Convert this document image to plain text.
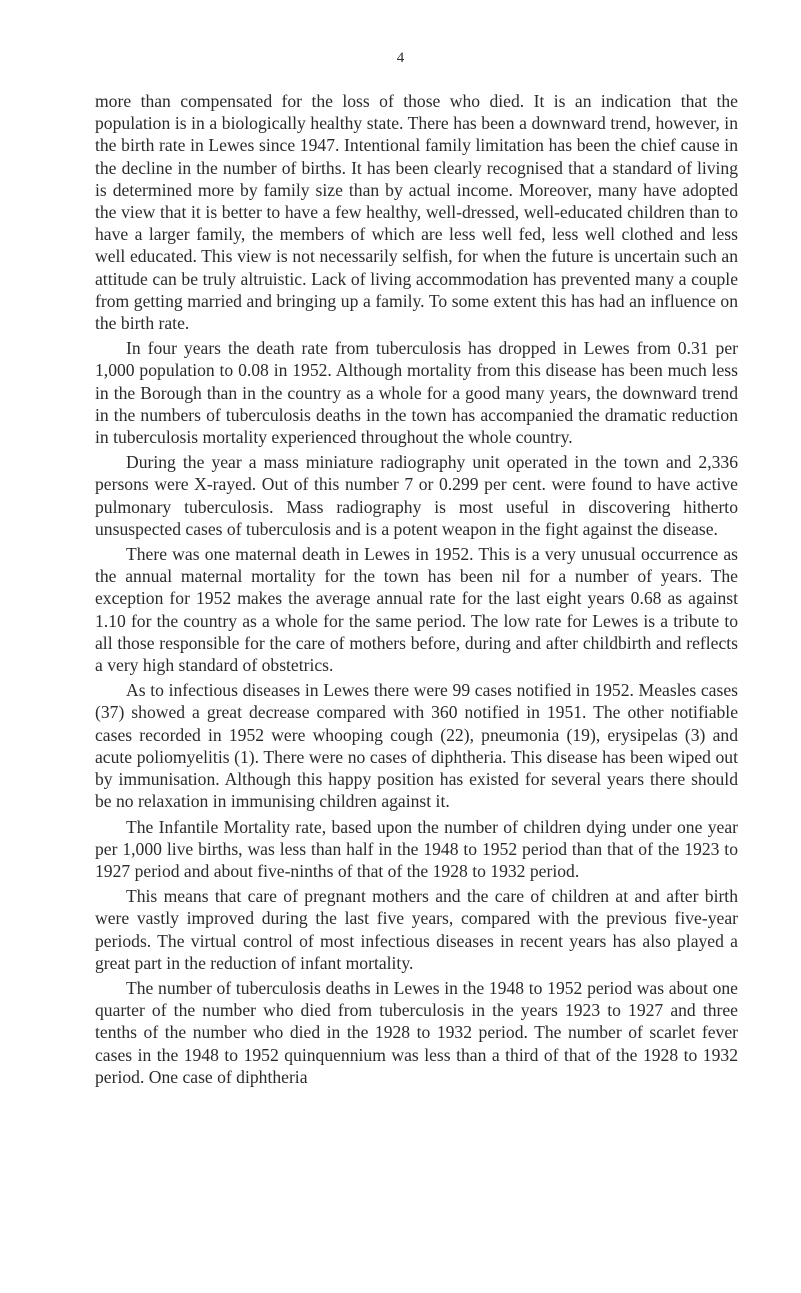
4

more than compensated for the loss of those who died. It is an indication that the population is in a biologically healthy state. There has been a downward trend, however, in the birth rate in Lewes since 1947. Intentional family limitation has been the chief cause in the decline in the number of births. It has been clearly recognised that a standard of living is determined more by family size than by actual income. Moreover, many have adopted the view that it is better to have a few healthy, well-dressed, well-educated children than to have a larger family, the members of which are less well fed, less well clothed and less well educated. This view is not necessarily selfish, for when the future is uncertain such an attitude can be truly altruistic. Lack of living accommodation has prevented many a couple from getting married and bringing up a family. To some extent this has had an influence on the birth rate.

In four years the death rate from tuberculosis has dropped in Lewes from 0.31 per 1,000 population to 0.08 in 1952. Although mortality from this disease has been much less in the Borough than in the country as a whole for a good many years, the downward trend in the numbers of tuberculosis deaths in the town has accompanied the dramatic reduction in tuberculosis mortality experienced throughout the whole country.

During the year a mass miniature radiography unit operated in the town and 2,336 persons were X-rayed. Out of this number 7 or 0.299 per cent. were found to have active pulmonary tuberculosis. Mass radiography is most useful in discovering hitherto unsuspected cases of tuberculosis and is a potent weapon in the fight against the disease.

There was one maternal death in Lewes in 1952. This is a very unusual occurrence as the annual maternal mortality for the town has been nil for a number of years. The exception for 1952 makes the average annual rate for the last eight years 0.68 as against 1.10 for the country as a whole for the same period. The low rate for Lewes is a tribute to all those responsible for the care of mothers before, during and after childbirth and reflects a very high standard of obstetrics.

As to infectious diseases in Lewes there were 99 cases notified in 1952. Measles cases (37) showed a great decrease compared with 360 notified in 1951. The other notifiable cases recorded in 1952 were whooping cough (22), pneumonia (19), erysipelas (3) and acute poliomyelitis (1). There were no cases of diphtheria. This disease has been wiped out by immunisation. Although this happy position has existed for several years there should be no relaxation in immunising children against it.

The Infantile Mortality rate, based upon the number of children dying under one year per 1,000 live births, was less than half in the 1948 to 1952 period than that of the 1923 to 1927 period and about five-ninths of that of the 1928 to 1932 period.

This means that care of pregnant mothers and the care of children at and after birth were vastly improved during the last five years, compared with the previous five-year periods. The virtual control of most infectious diseases in recent years has also played a great part in the reduction of infant mortality.

The number of tuberculosis deaths in Lewes in the 1948 to 1952 period was about one quarter of the number who died from tuberculosis in the years 1923 to 1927 and three tenths of the number who died in the 1928 to 1932 period. The number of scarlet fever cases in the 1948 to 1952 quinquennium was less than a third of that of the 1928 to 1932 period. One case of diphtheria
